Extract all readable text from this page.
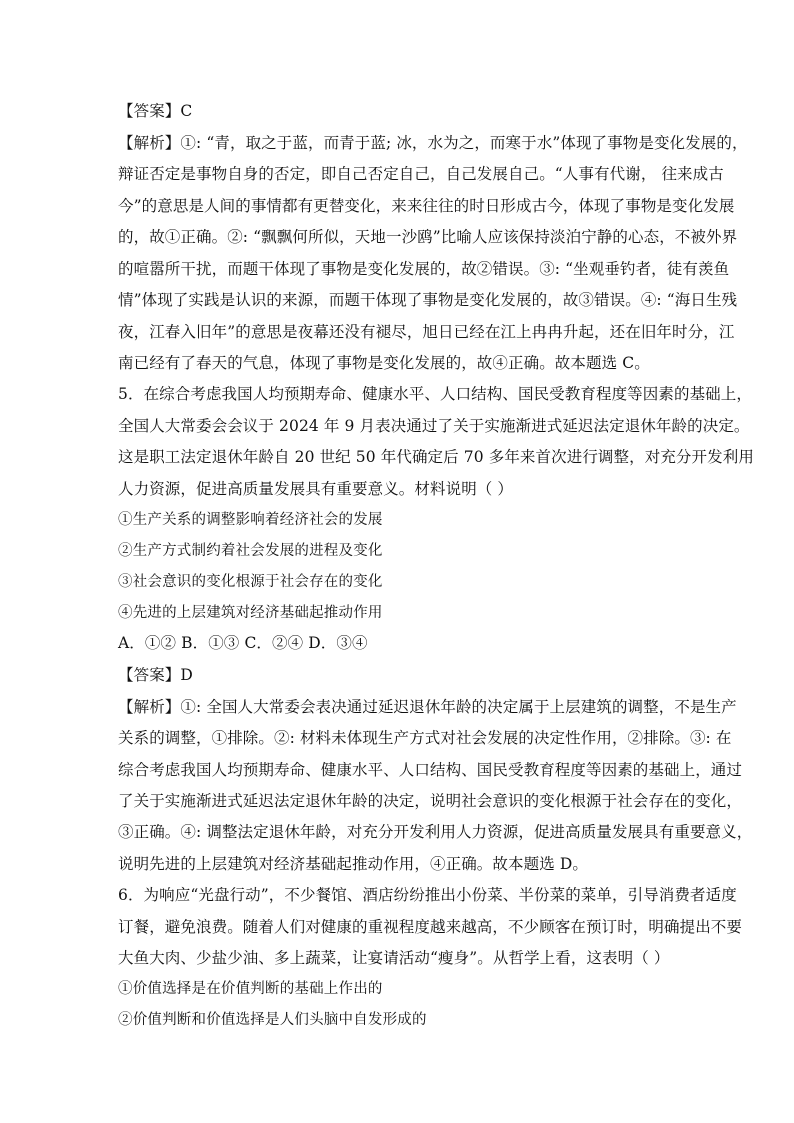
【答案】C
【解析】①: “青，取之于蓝，而青于蓝; 冰，水为之，而寒于水”体现了事物是变化发展的，
辩证否定是事物自身的否定，即自己否定自己，自己发展自己。“人事有代谢， 往来成古
今”的意思是人间的事情都有更替变化，来来往往的时日形成古今，体现了事物是变化发展
的，故①正确。②: “飘飘何所似，天地一沙鸥”比喻人应该保持淡泊宁静的心态，不被外界
的喧嚣所干扰，而题干体现了事物是变化发展的，故②错误。③: “坐观垂钓者，徒有羡鱼
情”体现了实践是认识的来源，而题干体现了事物是变化发展的，故③错误。④: “海日生残
夜，江春入旧年”的意思是夜幕还没有褪尽，旭日已经在江上冉冉升起，还在旧年时分，江
南已经有了春天的气息，体现了事物是变化发展的，故④正确。故本题选 C。
5．在综合考虑我国人均预期寿命、健康水平、人口结构、国民受教育程度等因素的基础上，
全国人大常委会会议于 2024 年 9 月表决通过了关于实施渐进式延迟法定退休年龄的决定。
这是职工法定退休年龄自 20 世纪 50 年代确定后 70 多年来首次进行调整，对充分开发利用
人力资源，促进高质量发展具有重要意义。材料说明（ ）
①生产关系的调整影响着经济社会的发展
②生产方式制约着社会发展的进程及变化
③社会意识的变化根源于社会存在的变化
④先进的上层建筑对经济基础起推动作用
A．①② B．①③ C．②④ D．③④
【答案】D
【解析】①: 全国人大常委会表决通过延迟退休年龄的决定属于上层建筑的调整，不是生产
关系的调整，①排除。②: 材料未体现生产方式对社会发展的决定性作用，②排除。③: 在
综合考虑我国人均预期寿命、健康水平、人口结构、国民受教育程度等因素的基础上，通过
了关于实施渐进式延迟法定退休年龄的决定，说明社会意识的变化根源于社会存在的变化，
③正确。④: 调整法定退休年龄，对充分开发利用人力资源，促进高质量发展具有重要意义，
说明先进的上层建筑对经济基础起推动作用，④正确。故本题选 D。
6．为响应“光盘行动”，不少餐馆、酒店纷纷推出小份菜、半份菜的菜单，引导消费者适度
订餐，避免浪费。随着人们对健康的重视程度越来越高，不少顾客在预订时，明确提出不要
大鱼大肉、少盐少油、多上蔬菜，让宴请活动“瘦身”。从哲学上看，这表明（ ）
①价值选择是在价值判断的基础上作出的
②价值判断和价值选择是人们头脑中自发形成的
